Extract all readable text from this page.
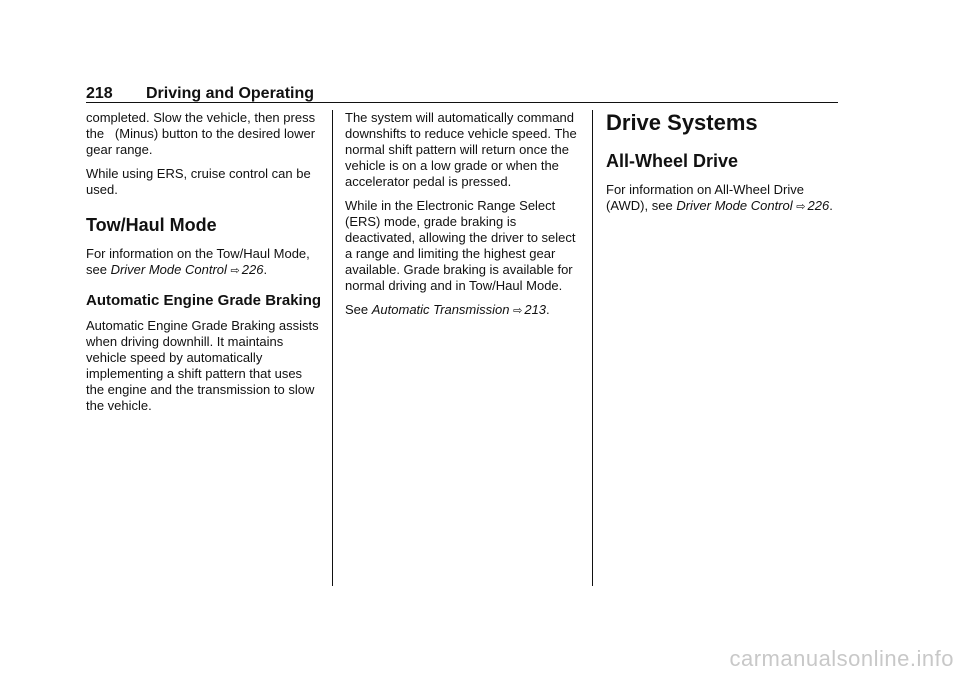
218 Driving and Operating

completed. Slow the vehicle, then press the   (Minus) button to the desired lower gear range.

While using ERS, cruise control can be used.

Tow/Haul Mode

For information on the Tow/Haul Mode, see Driver Mode Control ⇨ 226.

Automatic Engine Grade Braking

Automatic Engine Grade Braking assists when driving downhill. It maintains vehicle speed by automatically implementing a shift pattern that uses the engine and the transmission to slow the vehicle.

The system will automatically command downshifts to reduce vehicle speed. The normal shift pattern will return once the vehicle is on a low grade or when the accelerator pedal is pressed.

While in the Electronic Range Select (ERS) mode, grade braking is deactivated, allowing the driver to select a range and limiting the highest gear available. Grade braking is available for normal driving and in Tow/Haul Mode.

See Automatic Transmission ⇨ 213.

Drive Systems
All-Wheel Drive

For information on All-Wheel Drive (AWD), see Driver Mode Control ⇨ 226.

carmanualsonline.info
